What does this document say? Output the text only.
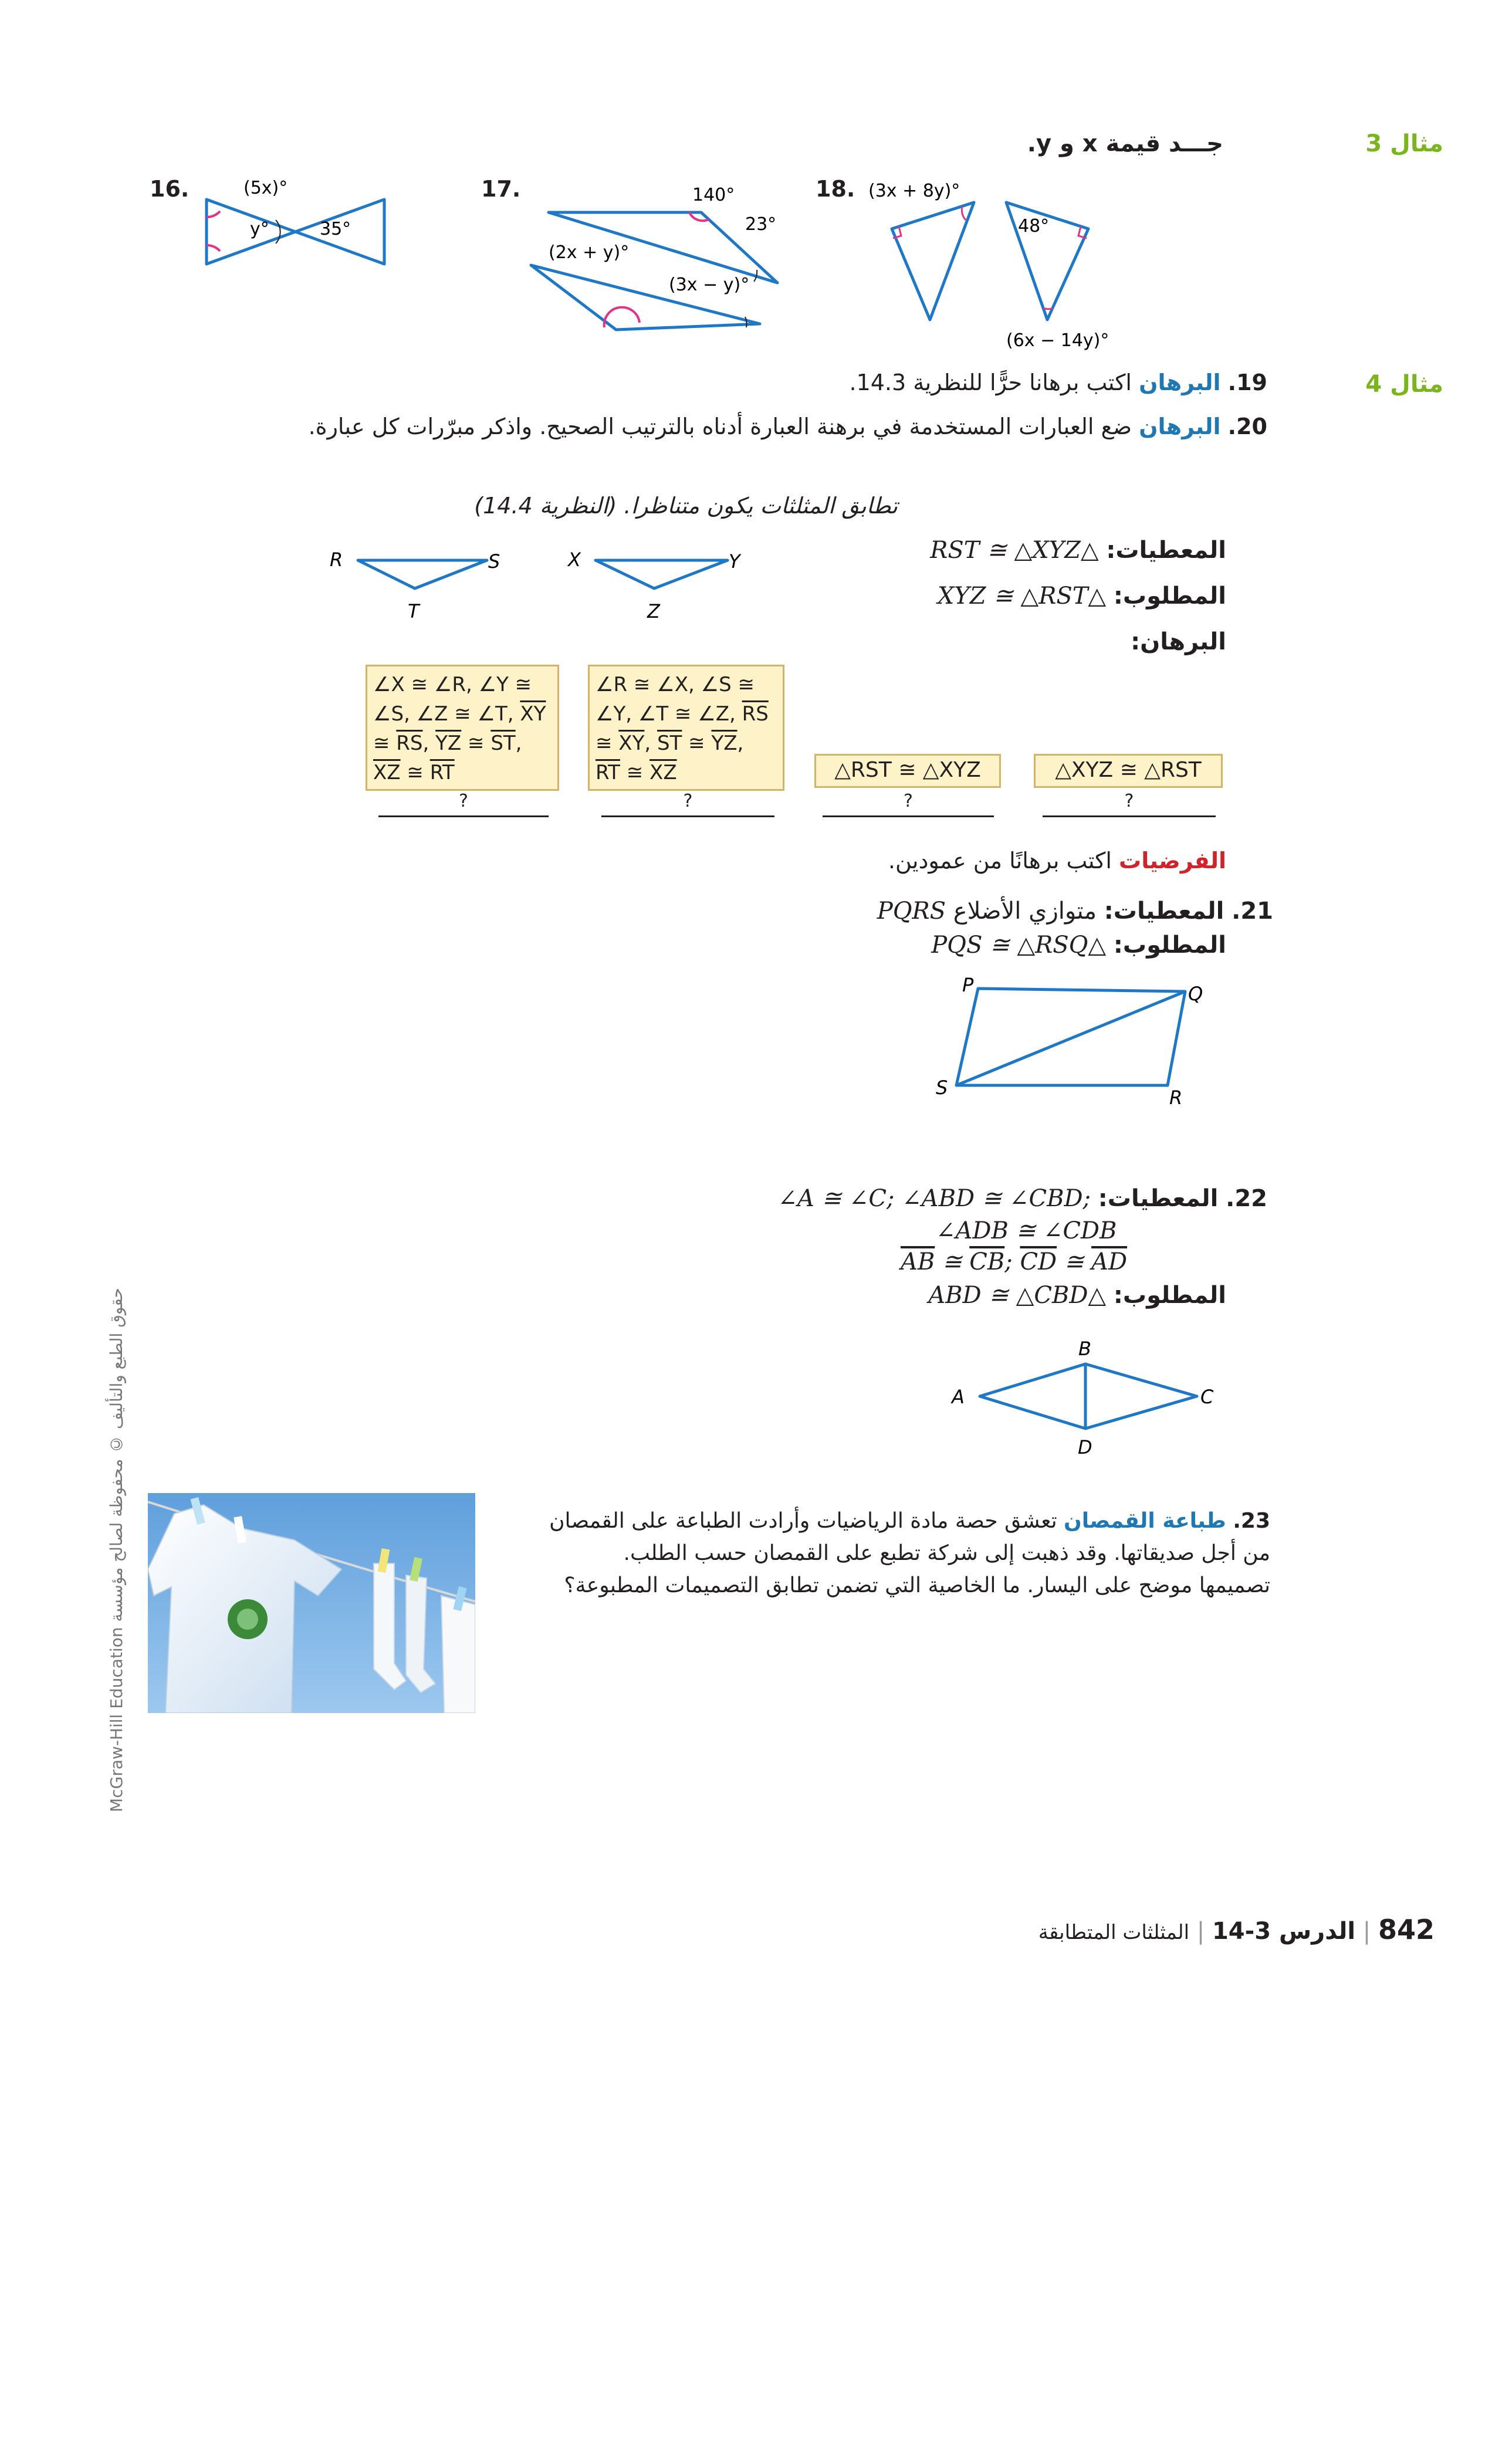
مثال 3
مثال 4
جـــد قيمة x و y.
16.	(5x)°
y°	35°
17.	140°
23°
(2x + y)°
(3x − y)°
18. (3x + 8y)°
48°
(6x − 14y)°
19. البرهان اكتب برهانا حرًّا للنظرية 14.3.
20. البرهان ضع العبارات المستخدمة في برهنة العبارة أدناه بالترتيب الصحيح. واذكر مبرّرات كل عبارة.
تطابق المثلثات يكون متناظرا. (النظرية 14.4)
المعطيات: △RST ≅ △XYZ
المطلوب: △XYZ ≅ △RST
البرهان:
R	S
T
X	Y
Z
∠X ≅ ∠R, ∠Y ≅
∠S, ∠Z ≅ ∠T, $\overline{XY}$
≅ $\overline{RS}$, $\overline{YZ}$ ≅ $\overline{ST}$,
$\overline{XZ}$ ≅ $\overline{RT}$
∠R ≅ ∠X, ∠S ≅
∠Y, ∠T ≅ ∠Z, $\overline{RS}$
≅ $\overline{XY}$, $\overline{ST}$ ≅ $\overline{YZ}$,
$\overline{RT}$ ≅ $\overline{XZ}$	△RST ≅ △XYZ	△XYZ ≅ △RST
?	?	?	?
الفرضيات اكتب برهانًا من عمودين.
21. المعطيات: متوازي الأضلاع PQRS
المطلوب: △PQS ≅ △RSQ
P	Q
R
S
22. المعطيات: ∠A ≅ ∠C; ∠ABD ≅ ∠CBD;
∠ADB ≅ ∠CDB
$\overline{AB}$ ≅ $\overline{CB}$; $\overline{CD}$ ≅ $\overline{AD}$
المطلوب: △ABD ≅ △CBD
B
A	C
D
23. طباعة القمصان تعشق حصة مادة الرياضيات وأرادت الطباعة على القمصان
من أجل صديقاتها. وقد ذهبت إلى شركة تطبع على القمصان حسب الطلب.
تصميمها موضح على اليسار. ما الخاصية التي تضمن تطابق التصميمات المطبوعة؟
حقوق الطبع والتأليف © محفوظة لصالح مؤسسة McGraw-Hill Education
842 | الدرس 3-14 | المثلثات المتطابقة
